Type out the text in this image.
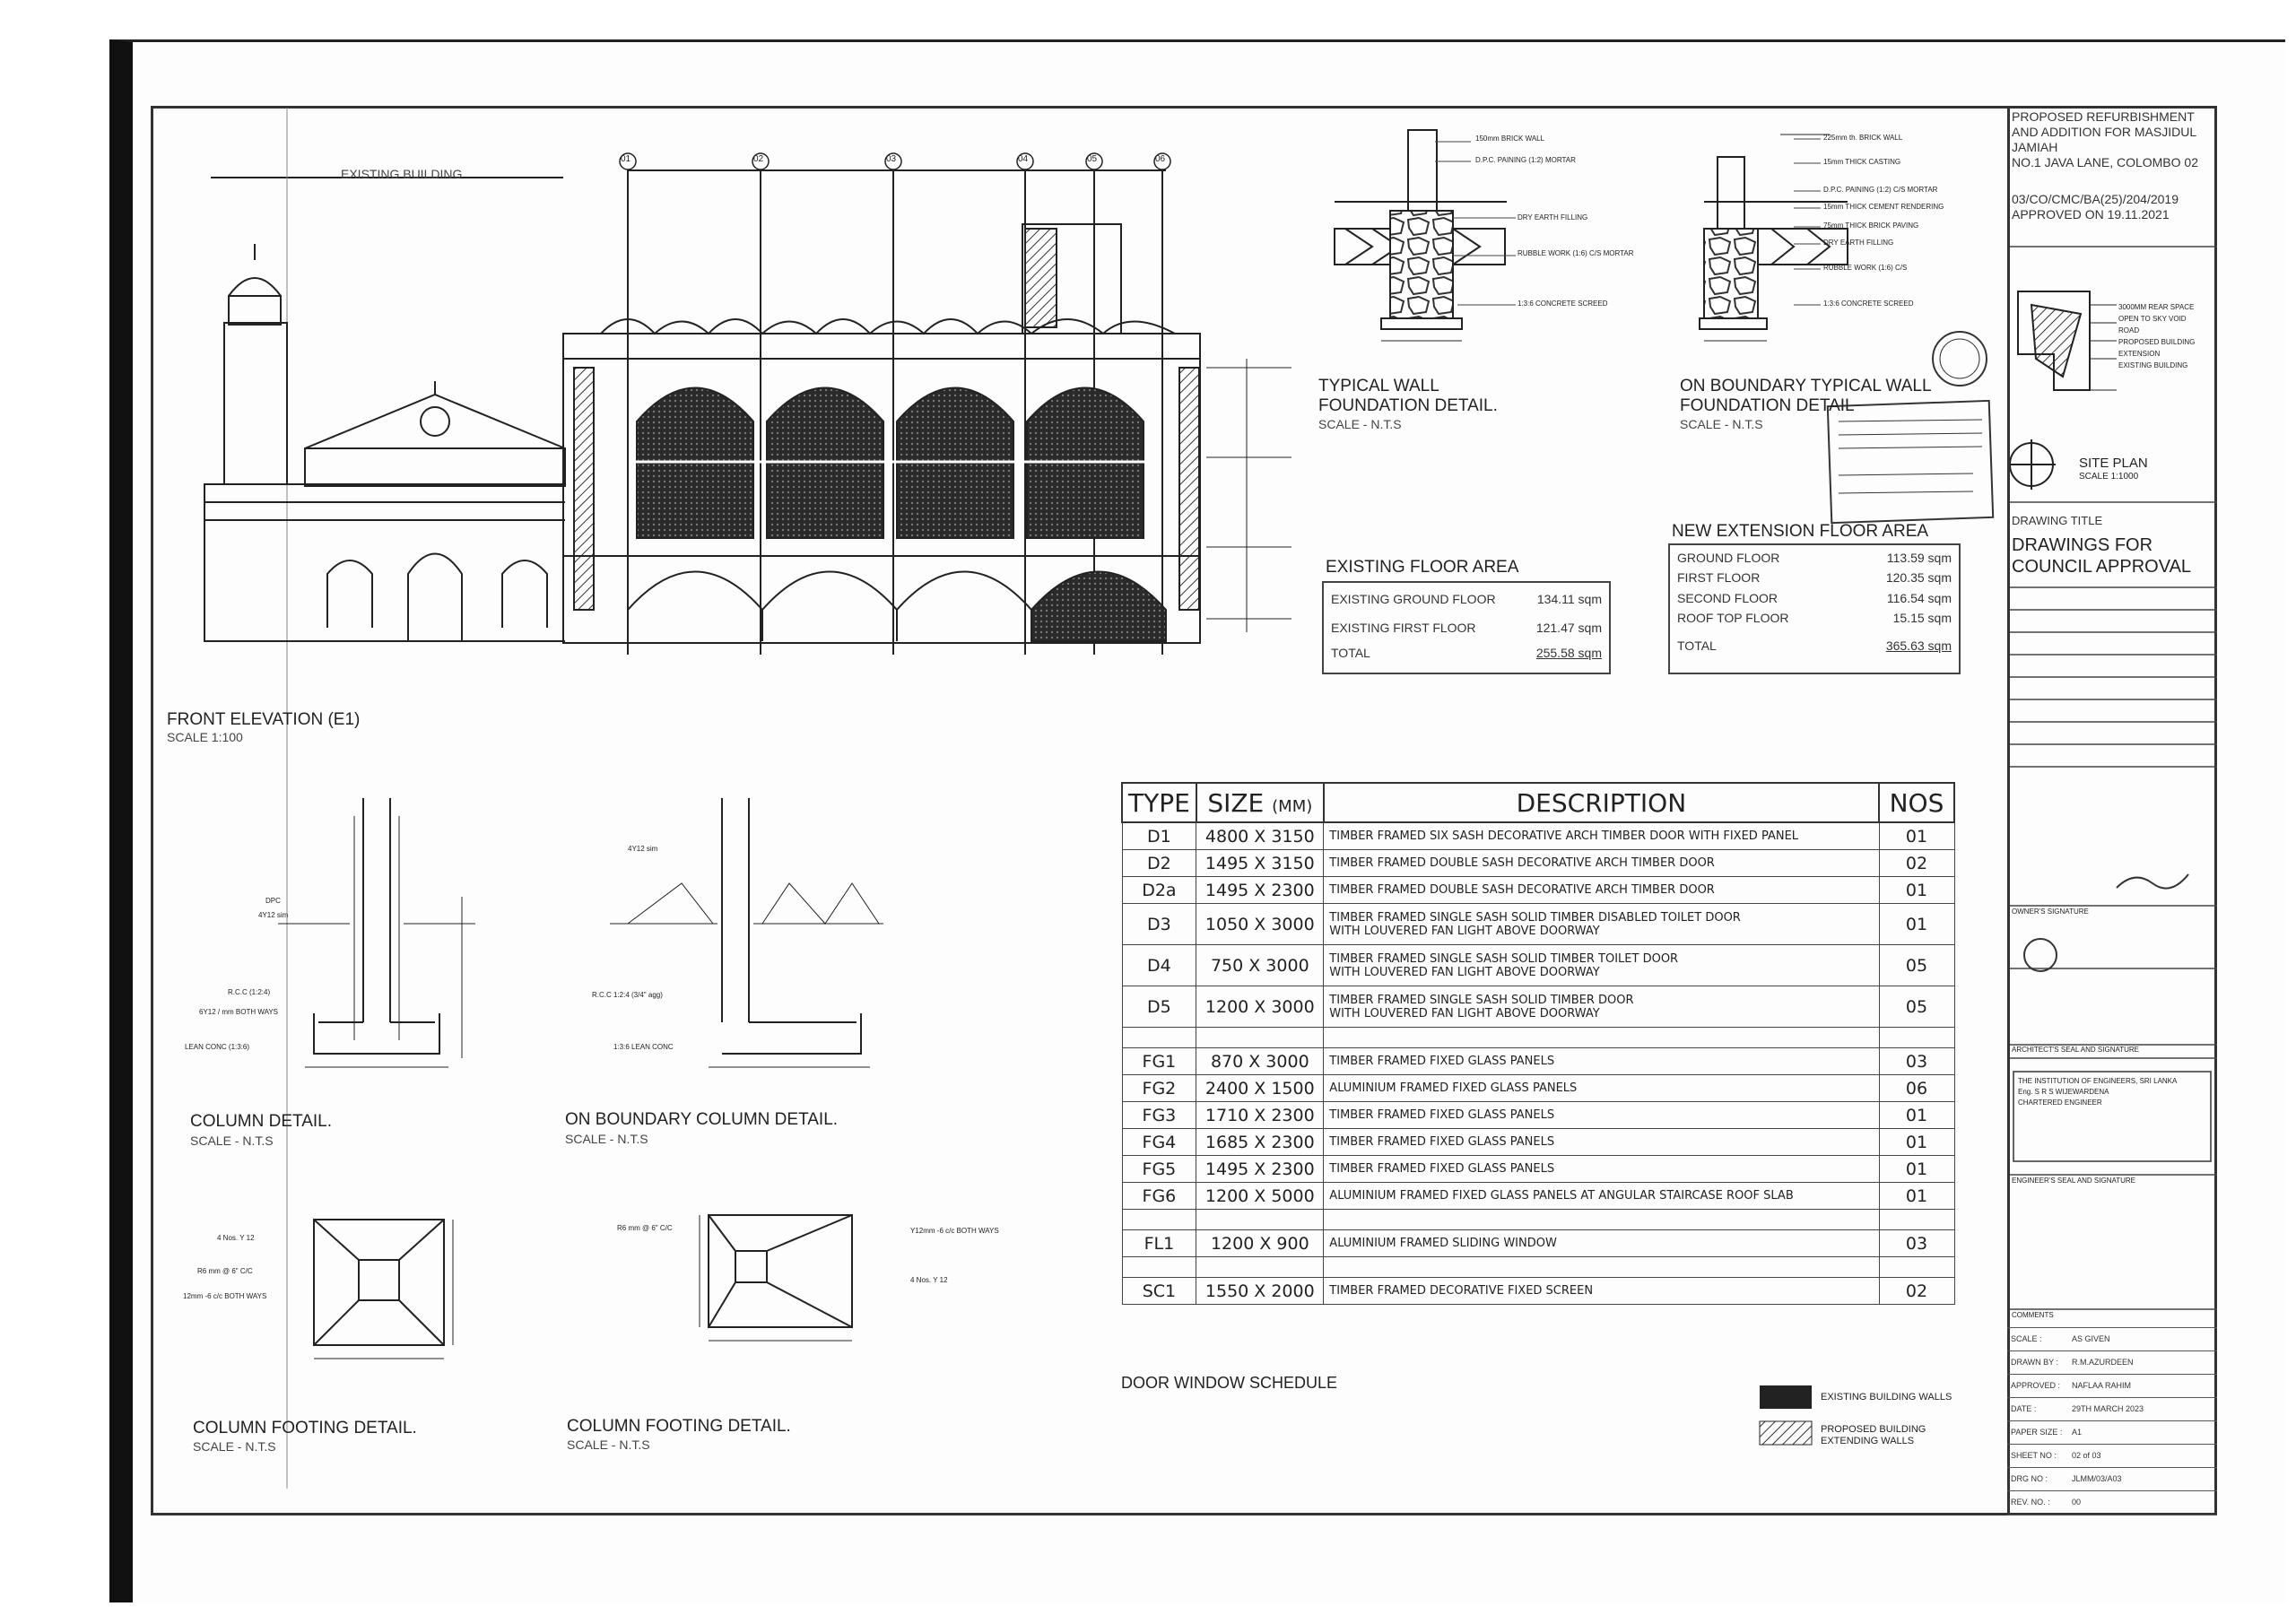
EXISTING BUILDING
FRONT ELEVATION (E1)
SCALE 1:100
01	02	03	04	05	06
TYPICAL WALL
FOUNDATION DETAIL.
SCALE - N.T.S
150mm BRICK WALL
D.P.C. PAINING (1:2) MORTAR
DRY EARTH FILLING
RUBBLE WORK (1:6) C/S MORTAR
1:3:6 CONCRETE SCREED
ON BOUNDARY TYPICAL WALL
FOUNDATION DETAIL
SCALE - N.T.S
225mm th. BRICK WALL
15mm THICK CASTING
D.P.C. PAINING (1:2) C/S MORTAR
15mm THICK CEMENT RENDERING
75mm THICK BRICK PAVING
DRY EARTH FILLING
RUBBLE WORK (1:6) C/S
1:3:6 CONCRETE SCREED
EXISTING FLOOR AREA
EXISTING GROUND FLOOR	134.11 sqm
EXISTING FIRST FLOOR	121.47 sqm
TOTAL	255.58 sqm
NEW EXTENSION FLOOR AREA
GROUND FLOOR	113.59 sqm
FIRST FLOOR	120.35 sqm
SECOND FLOOR	116.54 sqm
ROOF TOP FLOOR	15.15 sqm
TOTAL	365.63 sqm
COLUMN DETAIL.
SCALE - N.T.S
DPC
4Y12 sim
R.C.C (1:2:4)
6Y12 / mm BOTH WAYS
LEAN CONC (1:3:6)
ON BOUNDARY COLUMN DETAIL.
SCALE - N.T.S
4Y12 sim
R.C.C 1:2:4 (3/4" agg)
1:3:6 LEAN CONC
COLUMN FOOTING DETAIL.
SCALE - N.T.S
4 Nos. Y 12
R6 mm @ 6" C/C
12mm -6 c/c BOTH WAYS
COLUMN FOOTING DETAIL.
SCALE - N.T.S
R6 mm @ 6" C/C	Y12mm -6 c/c BOTH WAYS
4 Nos. Y 12
TYPE	SIZE (MM)	DESCRIPTION	NOS
D1	4800 X 3150	TIMBER FRAMED SIX SASH DECORATIVE ARCH TIMBER DOOR WITH FIXED PANEL	01
D2	1495 X 3150	TIMBER FRAMED DOUBLE SASH DECORATIVE ARCH TIMBER DOOR	02
D2a	1495 X 2300	TIMBER FRAMED DOUBLE SASH DECORATIVE ARCH TIMBER DOOR	01
D3	1050 X 3000	TIMBER FRAMED SINGLE SASH SOLID TIMBER DISABLED TOILET DOOR
WITH LOUVERED FAN LIGHT ABOVE DOORWAY	01
D4	750 X 3000	TIMBER FRAMED SINGLE SASH SOLID TIMBER TOILET DOOR
WITH LOUVERED FAN LIGHT ABOVE DOORWAY	05
D5	1200 X 3000	TIMBER FRAMED SINGLE SASH SOLID TIMBER DOOR
WITH LOUVERED FAN LIGHT ABOVE DOORWAY	05

FG1	870 X 3000	TIMBER FRAMED FIXED GLASS PANELS	03
FG2	2400 X 1500	ALUMINIUM FRAMED FIXED GLASS PANELS	06
FG3	1710 X 2300	TIMBER FRAMED FIXED GLASS PANELS	01
FG4	1685 X 2300	TIMBER FRAMED FIXED GLASS PANELS	01
FG5	1495 X 2300	TIMBER FRAMED FIXED GLASS PANELS	01
FG6	1200 X 5000	ALUMINIUM FRAMED FIXED GLASS PANELS AT ANGULAR STAIRCASE ROOF SLAB	01

FL1	1200 X 900	ALUMINIUM FRAMED SLIDING WINDOW	03

SC1	1550 X 2000	TIMBER FRAMED DECORATIVE FIXED SCREEN	02
DOOR WINDOW SCHEDULE
EXISTING BUILDING WALLS
PROPOSED BUILDING
EXTENDING WALLS
PROPOSED REFURBISHMENT
AND ADDITION FOR MASJIDUL
JAMIAH
NO.1 JAVA LANE, COLOMBO 02
03/CO/CMC/BA(25)/204/2019
APPROVED ON 19.11.2021
3000MM REAR SPACE
OPEN TO SKY VOID
ROAD
PROPOSED BUILDING
EXTENSION
EXISTING BUILDING
SITE PLAN
SCALE 1:1000
DRAWING TITLE
DRAWINGS FOR
COUNCIL APPROVAL
OWNER'S SIGNATURE
ARCHITECT'S SEAL AND SIGNATURE
THE INSTITUTION OF ENGINEERS, SRI LANKA
Eng. S R S WIJEWARDENA
CHARTERED ENGINEER
ENGINEER'S SEAL AND SIGNATURE
COMMENTS
SCALE :	AS GIVEN
DRAWN BY : R.M.AZURDEEN
APPROVED : NAFLAA RAHIM
DATE :	29TH MARCH 2023
PAPER SIZE : A1
SHEET NO : 02 of 03
DRG NO :	JLMM/03/A03
REV. NO. :	00
